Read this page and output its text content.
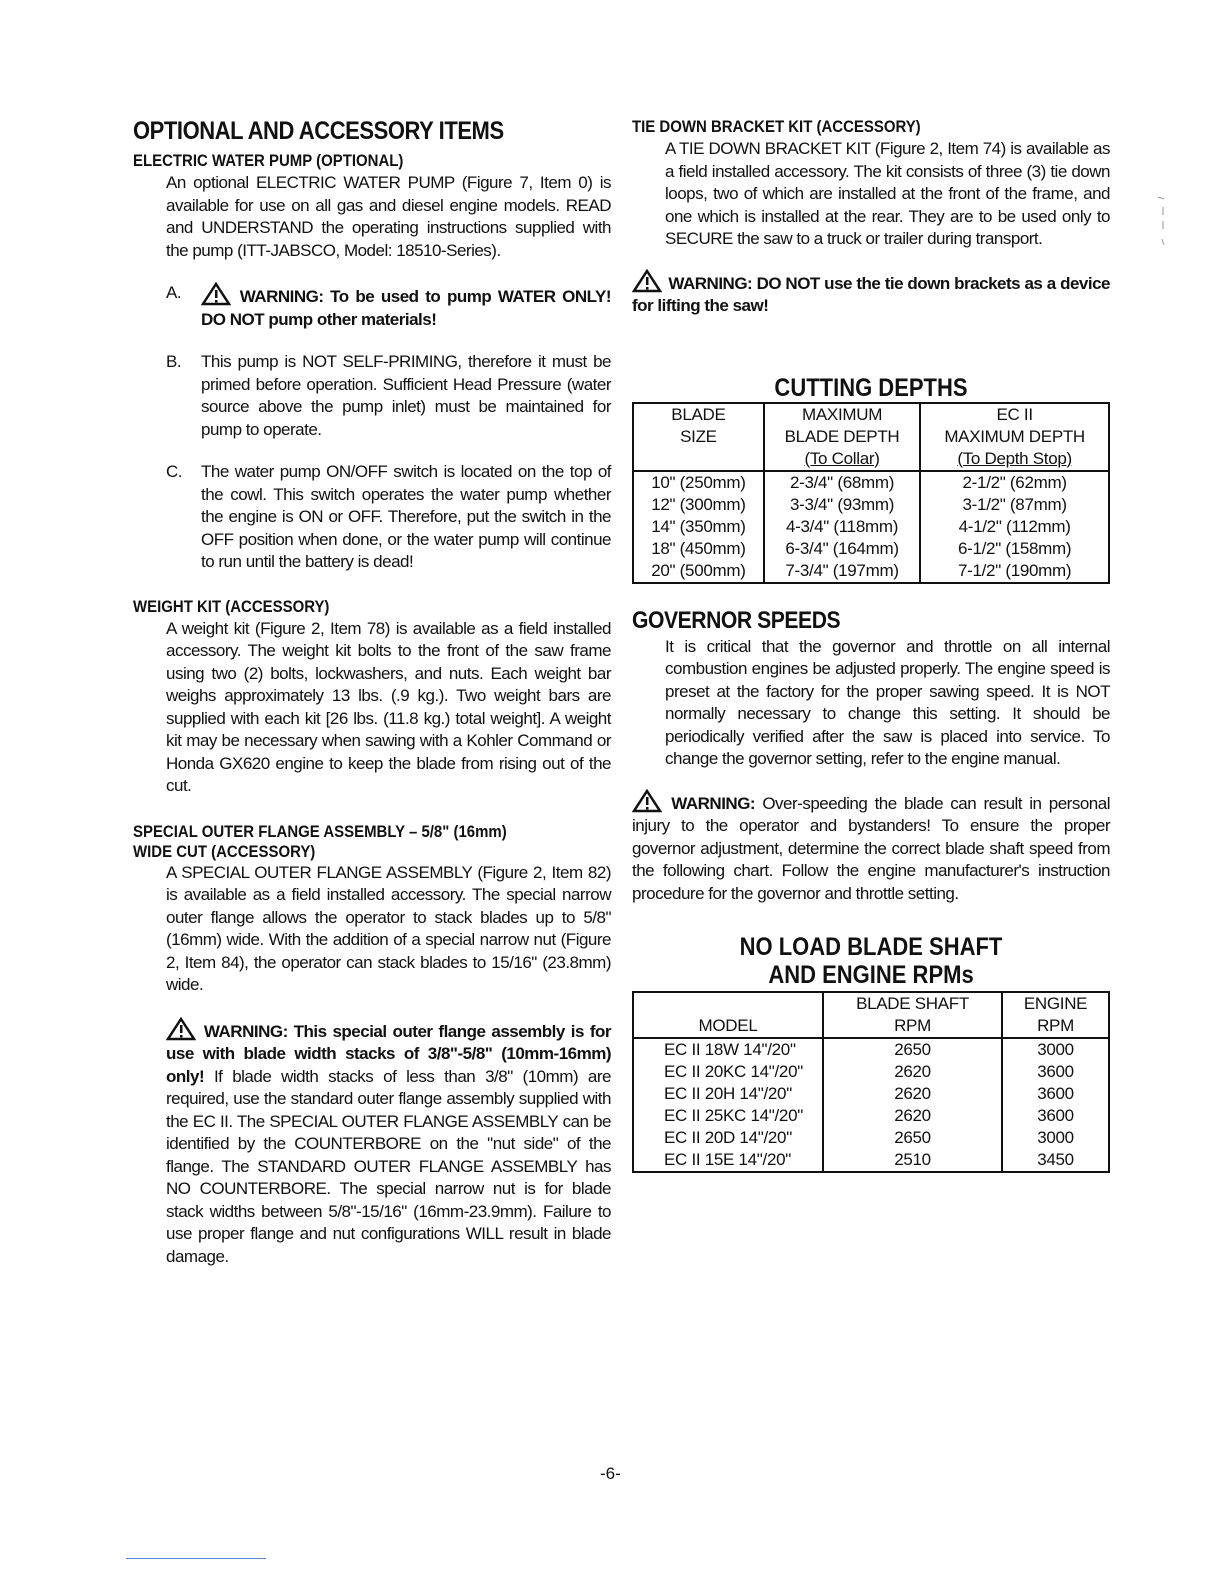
OPTIONAL AND ACCESSORY ITEMS
ELECTRIC WATER PUMP (OPTIONAL)

An optional ELECTRIC WATER PUMP (Figure 7, Item 0) is available for use on all gas and diesel engine models. READ and UNDERSTAND the operating instructions supplied with the pump (ITT-JABSCO, Model: 18510-Series).

A.	WARNING: To be used to pump WATER ONLY! DO NOT pump other materials!
B.	This pump is NOT SELF-PRIMING, therefore it must be primed before operation. Sufficient Head Pressure (water source above the pump inlet) must be maintained for pump to operate.
C.	The water pump ON/OFF switch is located on the top of the cowl. This switch operates the water pump whether the engine is ON or OFF. Therefore, put the switch in the OFF position when done, or the water pump will continue to run until the battery is dead!
WEIGHT KIT (ACCESSORY)

A weight kit (Figure 2, Item 78) is available as a field installed accessory. The weight kit bolts to the front of the saw frame using two (2) bolts, lockwashers, and nuts. Each weight bar weighs approximately 13 lbs. (.9 kg.). Two weight bars are supplied with each kit [26 lbs. (11.8 kg.) total weight]. A weight kit may be necessary when sawing with a Kohler Command or Honda GX620 engine to keep the blade from rising out of the cut.

SPECIAL OUTER FLANGE ASSEMBLY – 5/8" (16mm)
WIDE CUT (ACCESSORY)

A SPECIAL OUTER FLANGE ASSEMBLY (Figure 2, Item 82) is available as a field installed accessory. The special narrow outer flange allows the operator to stack blades up to 5/8" (16mm) wide. With the addition of a special narrow nut (Figure 2, Item 84), the operator can stack blades to 15/16" (23.8mm) wide.

WARNING: This special outer flange assembly is for use with blade width stacks of 3/8"-5/8" (10mm-16mm) only! If blade width stacks of less than 3/8" (10mm) are required, use the standard outer flange assembly supplied with the EC II. The SPECIAL OUTER FLANGE ASSEMBLY can be identified by the COUNTERBORE on the "nut side" of the flange. The STANDARD OUTER FLANGE ASSEMBLY has NO COUNTERBORE. The special narrow nut is for blade stack widths between 5/8"-15/16" (16mm-23.9mm). Failure to use proper flange and nut configurations WILL result in blade damage.

TIE DOWN BRACKET KIT (ACCESSORY)

A TIE DOWN BRACKET KIT (Figure 2, Item 74) is available as a field installed accessory. The kit consists of three (3) tie down loops, two of which are installed at the front of the frame, and one which is installed at the rear. They are to be used only to SECURE the saw to a truck or trailer during transport.

WARNING: DO NOT use the tie down brackets as a device for lifting the saw!

CUTTING DEPTHS
BLADE	MAXIMUM	EC II
SIZE	BLADE DEPTH	MAXIMUM DEPTH
	(To Collar)	(To Depth Stop)
10" (250mm)	2-3/4" (68mm)	2-1/2" (62mm)
12" (300mm)	3-3/4" (93mm)	3-1/2" (87mm)
14" (350mm)	4-3/4" (118mm)	4-1/2" (112mm)
18" (450mm)	6-3/4" (164mm)	6-1/2" (158mm)
20" (500mm)	7-3/4" (197mm)	7-1/2" (190mm)
GOVERNOR SPEEDS

It is critical that the governor and throttle on all internal combustion engines be adjusted properly. The engine speed is preset at the factory for the proper sawing speed. It is NOT normally necessary to change this setting. It should be periodically verified after the saw is placed into service. To change the governor setting, refer to the engine manual.

WARNING: Over-speeding the blade can result in personal injury to the operator and bystanders! To ensure the proper governor adjustment, determine the correct blade shaft speed from the following chart. Follow the engine manufacturer's instruction procedure for the governor and throttle setting.

NO LOAD BLADE SHAFT
AND ENGINE RPMs
	BLADE SHAFT	ENGINE
MODEL	RPM	RPM
EC II 18W 14"/20"	2650	3000
EC II 20KC 14"/20"	2620	3600
EC II 20H 14"/20"	2620	3600
EC II 25KC 14"/20"	2620	3600
EC II 20D 14"/20"	2650	3000
EC II 15E 14"/20"	2510	3450
-6-
